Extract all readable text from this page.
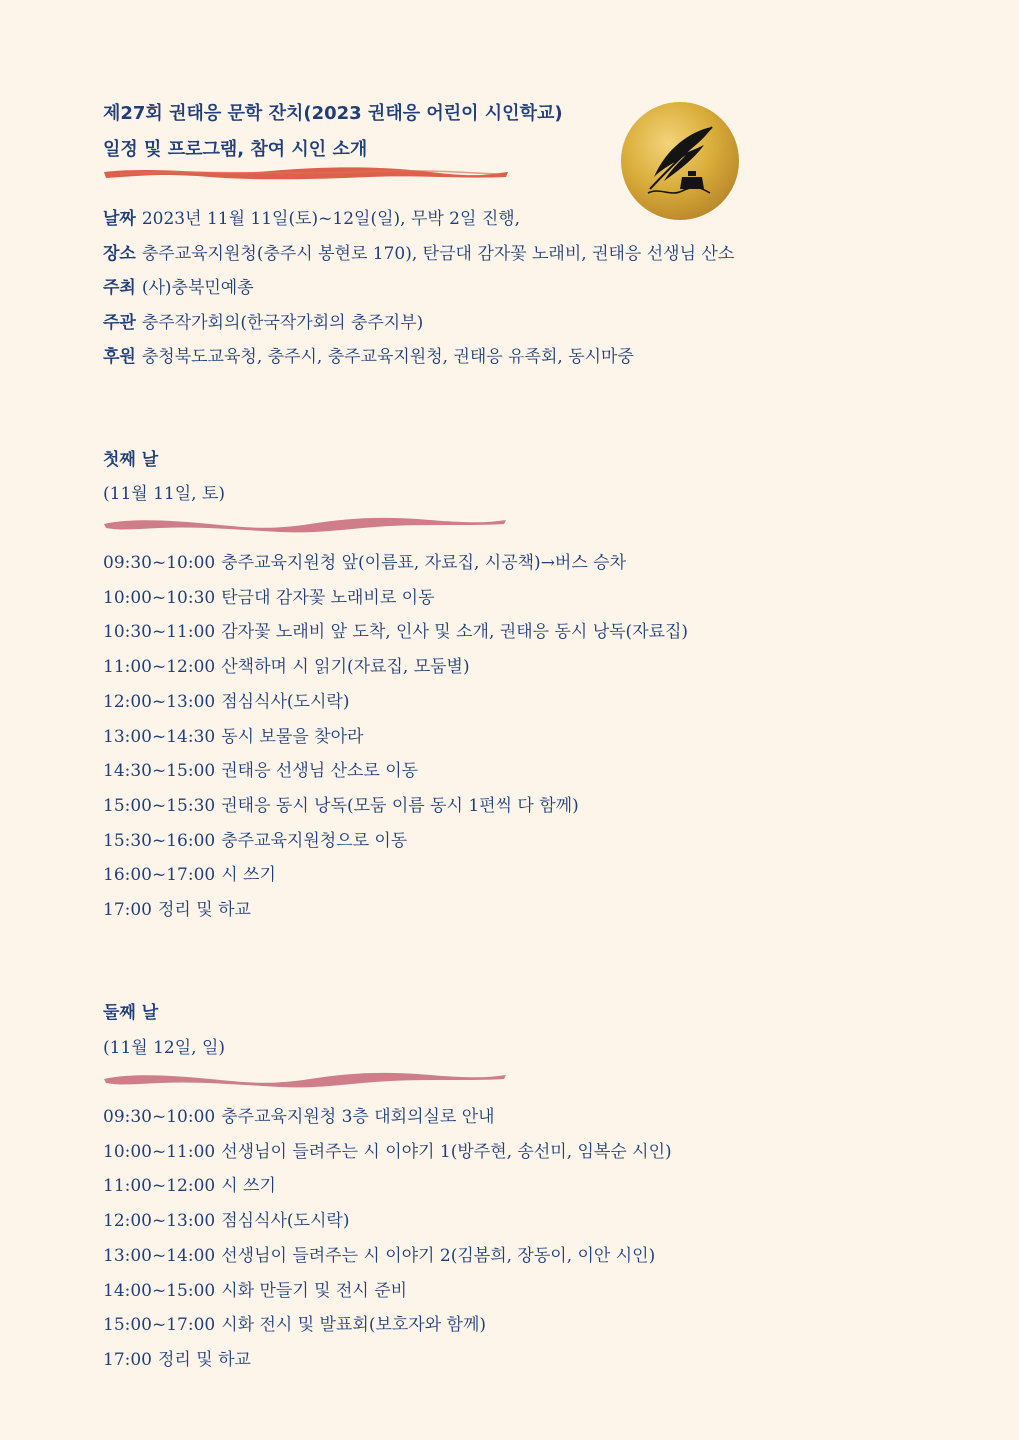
제27회 권태응 문학 잔치(2023 권태응 어린이 시인학교)
일정 및 프로그램, 참여 시인 소개
날짜 2023년 11월 11일(토)~12일(일), 무박 2일 진행,
장소 충주교육지원청(충주시 봉현로 170), 탄금대 감자꽃 노래비, 권태응 선생님 산소
주최 (사)충북민예총
주관 충주작가회의(한국작가회의 충주지부)
후원 충청북도교육청, 충주시, 충주교육지원청, 권태응 유족회, 동시마중
첫째 날
(11월 11일, 토)
09:30~10:00 충주교육지원청 앞(이름표, 자료집, 시공책)→버스 승차
10:00~10:30 탄금대 감자꽃 노래비로 이동
10:30~11:00 감자꽃 노래비 앞 도착, 인사 및 소개, 권태응 동시 낭독(자료집)
11:00~12:00 산책하며 시 읽기(자료집, 모둠별)
12:00~13:00 점심식사(도시락)
13:00~14:30 동시 보물을 찾아라
14:30~15:00 권태응 선생님 산소로 이동
15:00~15:30 권태응 동시 낭독(모둠 이름 동시 1편씩 다 함께)
15:30~16:00 충주교육지원청으로 이동
16:00~17:00 시 쓰기
17:00 정리 및 하교
둘째 날
(11월 12일, 일)
09:30~10:00 충주교육지원청 3층 대회의실로 안내
10:00~11:00 선생님이 들려주는 시 이야기 1(방주현, 송선미, 임복순 시인)
11:00~12:00 시 쓰기
12:00~13:00 점심식사(도시락)
13:00~14:00 선생님이 들려주는 시 이야기 2(김봄희, 장동이, 이안 시인)
14:00~15:00 시화 만들기 및 전시 준비
15:00~17:00 시화 전시 및 발표회(보호자와 함께)
17:00 정리 및 하교
